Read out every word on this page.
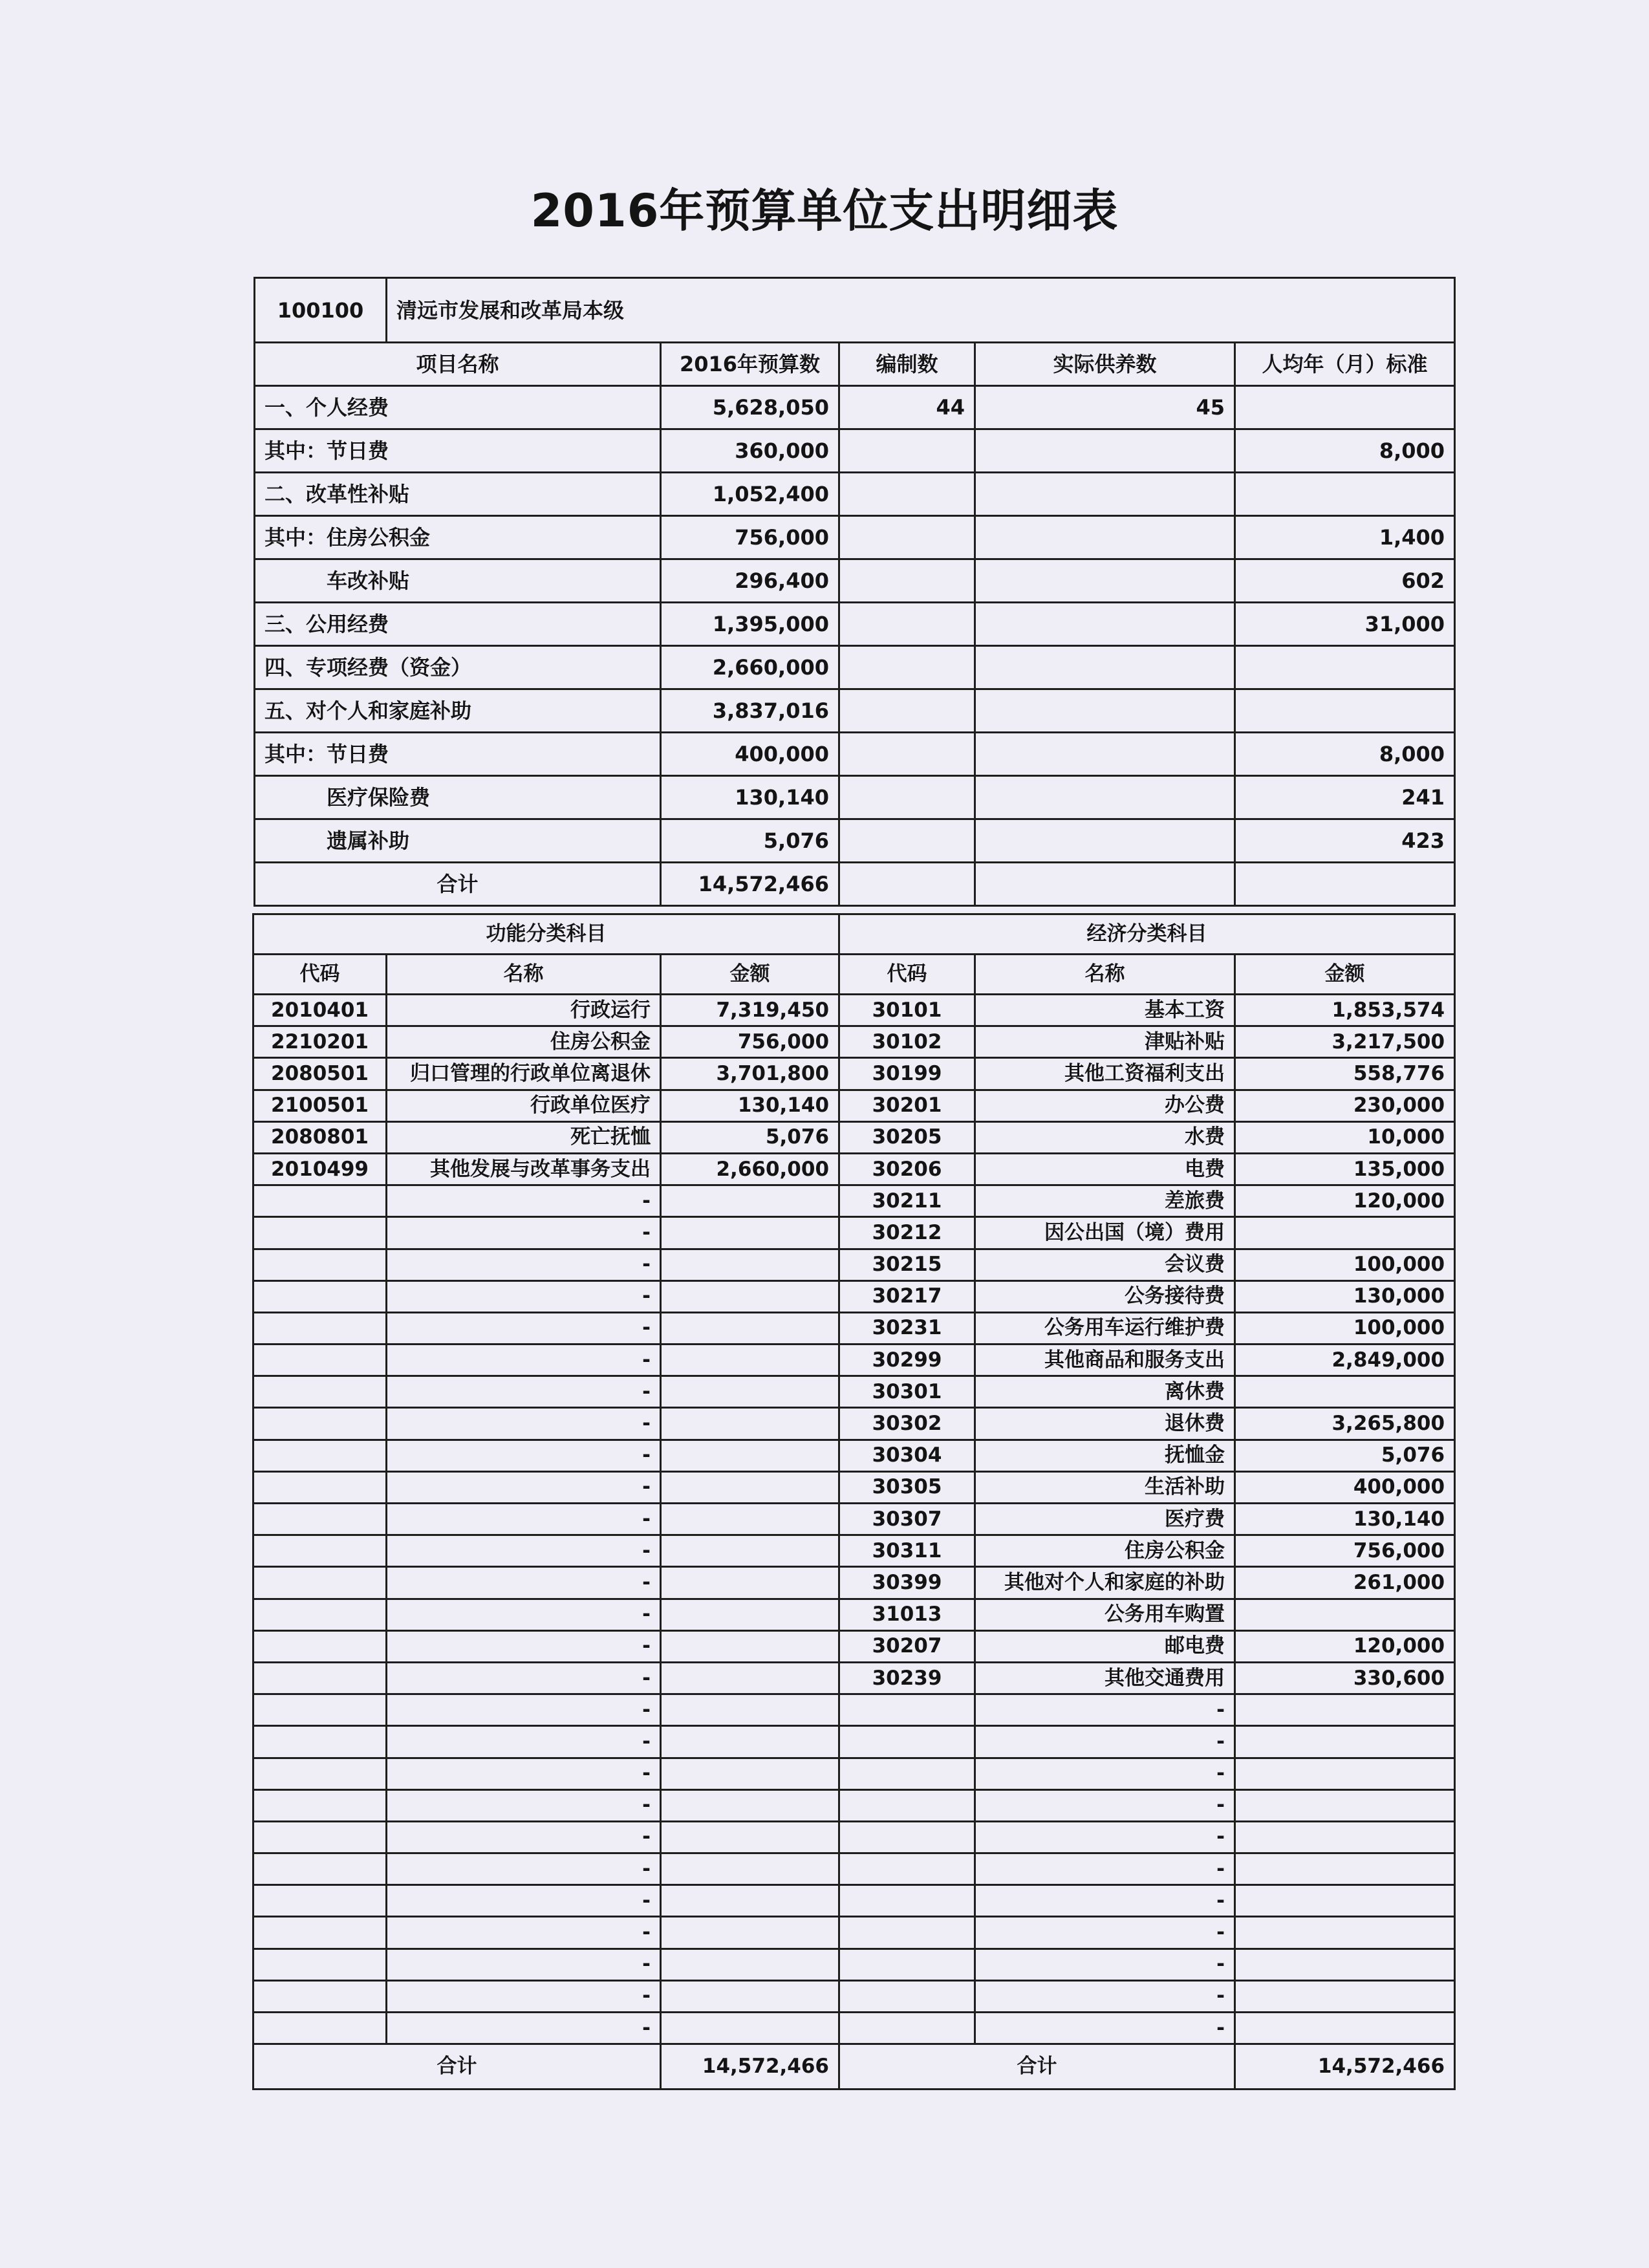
2016年预算单位支出明细表
100100	清远市发展和改革局本级				
项目名称		2016年预算数	编制数	实际供养数	人均年（月）标准
一、个人经费		5,628,050	44	45	
其中：节日费		360,000			8,000
二、改革性补贴		1,052,400			
其中：住房公积金		756,000			1,400
车改补贴		296,400			602
三、公用经费		1,395,000			31,000
四、专项经费（资金）		2,660,000			
五、对个人和家庭补助		3,837,016			
其中：节日费		400,000			8,000
医疗保险费		130,140			241
遗属补助		5,076			423
合计		14,572,466			
功能分类科目			经济分类科目		
代码	名称	金额	代码	名称	金额
2010401	行政运行	7,319,450	30101	基本工资	1,853,574
2210201	住房公积金	756,000	30102	津贴补贴	3,217,500
2080501	归口管理的行政单位离退休	3,701,800	30199	其他工资福利支出	558,776
2100501	行政单位医疗	130,140	30201	办公费	230,000
2080801	死亡抚恤	5,076	30205	水费	10,000
2010499	其他发展与改革事务支出	2,660,000	30206	电费	135,000
	-		30211	差旅费	120,000
	-		30212	因公出国（境）费用	
	-		30215	会议费	100,000
	-		30217	公务接待费	130,000
	-		30231	公务用车运行维护费	100,000
	-		30299	其他商品和服务支出	2,849,000
	-		30301	离休费	
	-		30302	退休费	3,265,800
	-		30304	抚恤金	5,076
	-		30305	生活补助	400,000
	-		30307	医疗费	130,140
	-		30311	住房公积金	756,000
	-		30399	其他对个人和家庭的补助	261,000
	-		31013	公务用车购置	
	-		30207	邮电费	120,000
	-		30239	其他交通费用	330,600
	-			-	
	-			-	
	-			-	
	-			-	
	-			-	
	-			-	
	-			-	
	-			-	
	-			-	
	-			-	
	-			-	
合计		14,572,466	合计		14,572,466
